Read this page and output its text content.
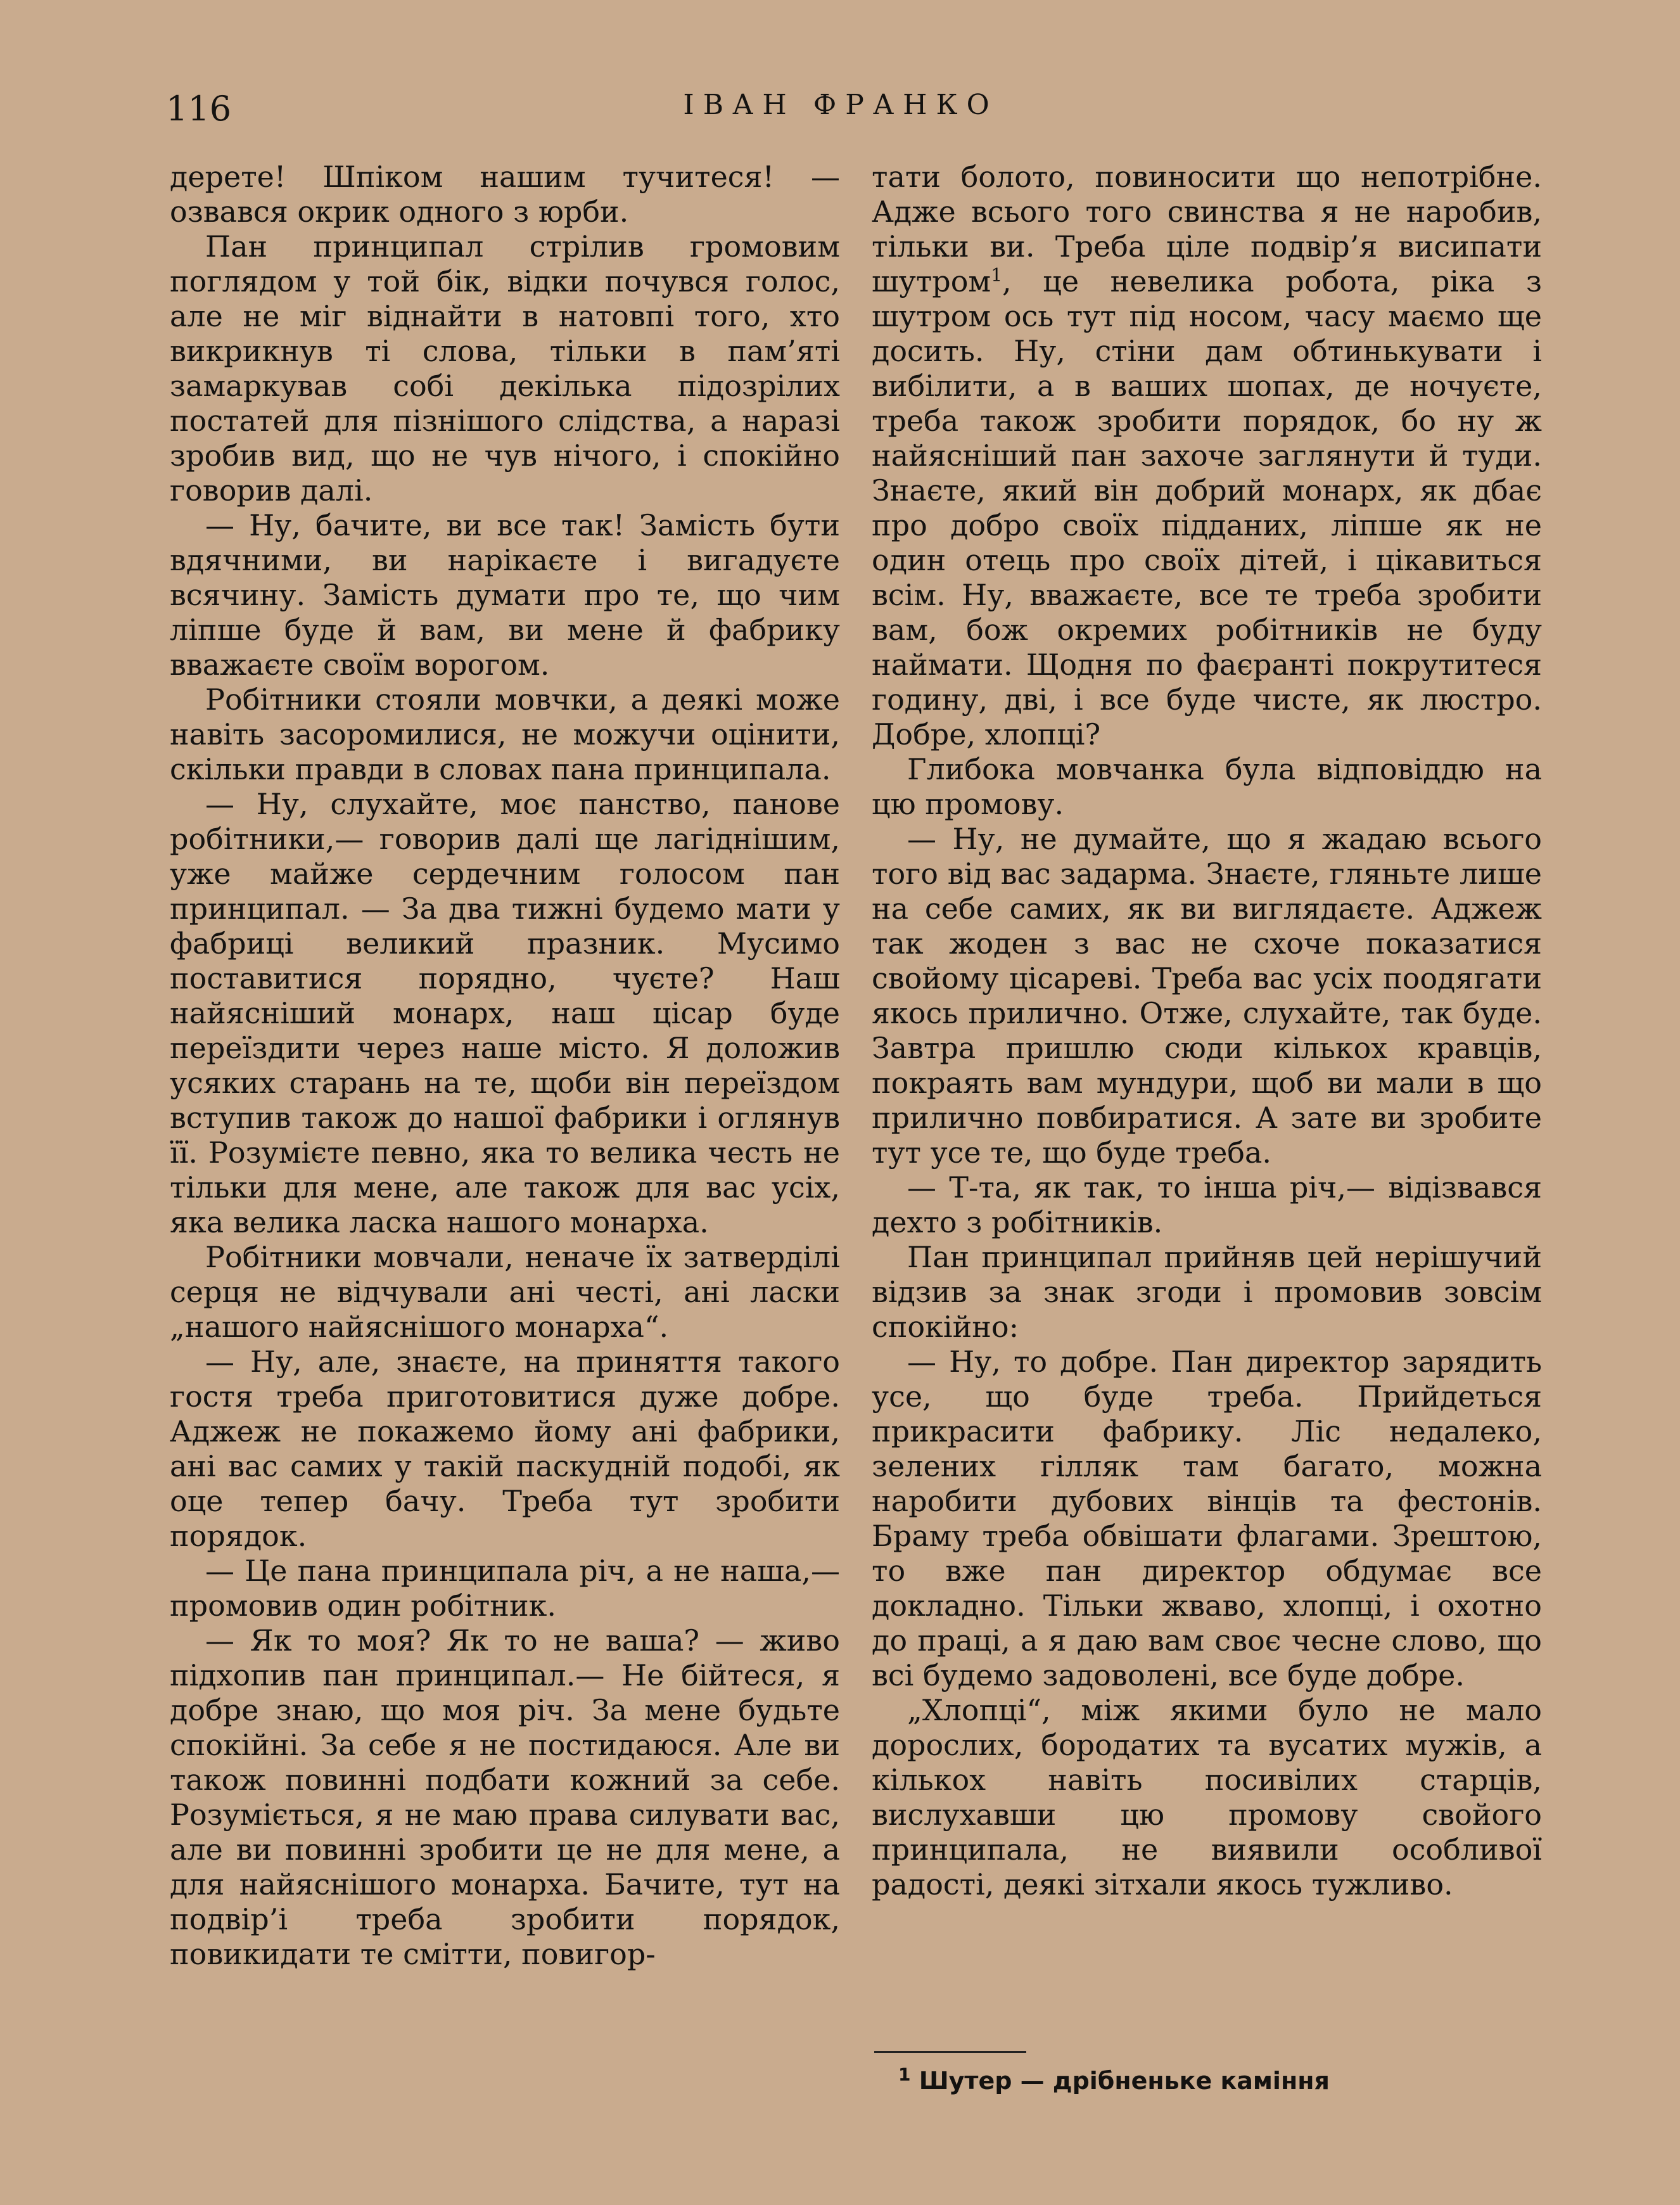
116	ІВАН ФРАНКО

дерете! Шпіком нашим тучитеся! — озвався окрик одного з юрби.

Пан принципал стрілив громовим поглядом у той бік, відки почувся голос, але не міг віднайти в натовпі того, хто викрикнув ті слова, тільки в пам’яті замаркував собі декілька підозрілих постатей для пізнішого слідства, а наразі зробив вид, що не чув нічого, і спокійно говорив далі.

— Ну, бачите, ви все так! Замість бути вдячними, ви нарікаєте і вигадуєте всячину. Замість думати про те, що чим ліпше буде й вам, ви мене й фабрику вважаєте своїм ворогом.

Робітники стояли мовчки, а деякі може навіть засоромилися, не можучи оцінити, скільки правди в словах пана принципала.

— Ну, слухайте, моє панство, панове робітники,— говорив далі ще лагіднішим, уже майже сердечним голосом пан принципал. — За два тижні будемо мати у фабриці великий празник. Мусимо поставитися порядно, чуєте? Наш найясніший монарх, наш цісар буде переїздити через наше місто. Я доложив усяких старань на те, щоби він переїздом вступив також до нашої фабрики і оглянув її. Розумієте певно, яка то велика честь не тільки для мене, але також для вас усіх, яка велика ласка нашого монарха.

Робітники мовчали, неначе їх затверділі серця не відчували ані честі, ані ласки „нашого найяснішого монарха“.

— Ну, але, знаєте, на приняття такого гостя треба приготовитися дуже добре. Аджеж не покажемо йому ані фабрики, ані вас самих у такій паскудній подобі, як оце тепер бачу. Треба тут зробити порядок.

— Це пана принципала річ, а не наша,— промовив один робітник.

— Як то моя? Як то не ваша? — живо підхопив пан принципал.— Не бійтеся, я добре знаю, що моя річ. За мене будьте спокійні. За себе я не постидаюся. Але ви також повинні подбати кожний за себе. Розуміється, я не маю права силувати вас, але ви повинні зробити це не для мене, а для найяснішого монарха. Бачите, тут на подвір’і треба зробити порядок, повикидати те смітти, повигор-

тати болото, повиносити що непотрібне. Адже всього того свинства я не наробив, тільки ви. Треба ціле подвір’я висипати шутром$^1$, це невелика робота, ріка з шутром ось тут під носом, часу маємо ще досить. Ну, стіни дам обтинькувати і вибілити, а в ваших шопах, де ночуєте, треба також зробити порядок, бо ну ж найясніший пан захоче заглянути й туди. Знаєте, який він добрий монарх, як дбає про добро своїх підданих, ліпше як не один отець про своїх дітей, і цікавиться всім. Ну, вважаєте, все те треба зробити вам, бож окремих робітників не буду наймати. Щодня по фаєранті покрутитеся годину, дві, і все буде чисте, як люстро. Добре, хлопці?

Глибока мовчанка була відповіддю на цю промову.

— Ну, не думайте, що я жадаю всього того від вас задарма. Знаєте, гляньте лише на себе самих, як ви виглядаєте. Аджеж так жоден з вас не схоче показатися свойому цісареві. Треба вас усіх поодягати якось прилично. Отже, слухайте, так буде. Завтра пришлю сюди кількох кравців, покраять вам мундури, щоб ви мали в що прилично повбиратися. А зате ви зробите тут усе те, що буде треба.

— Т-та, як так, то інша річ,— відізвався дехто з робітників.

Пан принципал прийняв цей нерішучий відзив за знак згоди і промовив зовсім спокійно:

— Ну, то добре. Пан директор зарядить усе, що буде треба. Прийдеться прикрасити фабрику. Ліс недалеко, зелених гілляк там багато, можна наробити дубових вінців та фестонів. Браму треба обвішати флагами. Зрештою, то вже пан директор обдумає все докладно. Тільки жваво, хлопці, і охотно до праці, а я даю вам своє чесне слово, що всі будемо задоволені, все буде добре.

„Хлопці“, між якими було не мало дорослих, бородатих та вусатих мужів, а кількох навіть посивілих старців, вислухавши цю промову свойого принципала, не виявили особливої радості, деякі зітхали якось тужливо.

$^1$ Шутер — дрібненьке каміння
